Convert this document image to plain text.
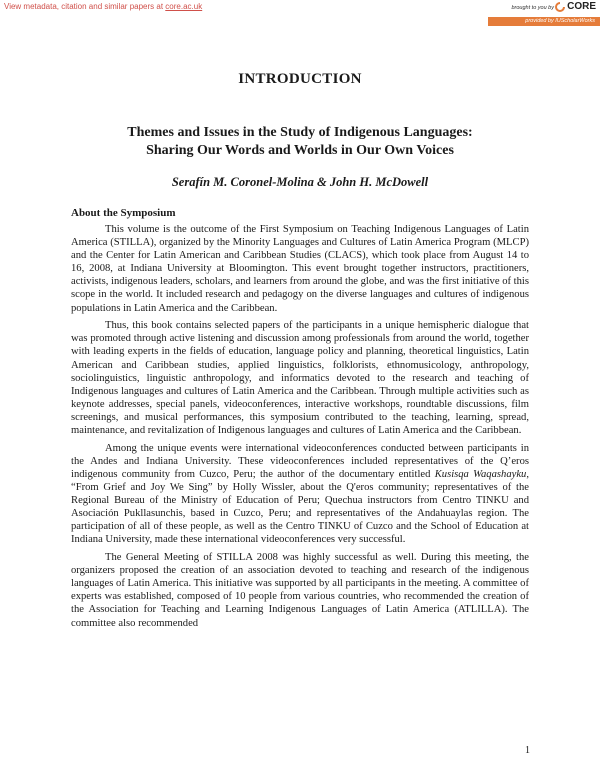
View metadata, citation and similar papers at core.ac.uk	brought to you by CORE
provided by IUScholarWorks
INTRODUCTION
Themes and Issues in the Study of Indigenous Languages:
Sharing Our Words and Worlds in Our Own Voices
Serafín M. Coronel-Molina & John H. McDowell
About the Symposium

This volume is the outcome of the First Symposium on Teaching Indigenous Languages of Latin America (STILLA), organized by the Minority Languages and Cultures of Latin America Program (MLCP) and the Center for Latin American and Caribbean Studies (CLACS), which took place from August 14 to 16, 2008, at Indiana University at Bloomington. This event brought together instructors, practitioners, activists, indigenous leaders, scholars, and learners from around the globe, and was the first initiative of this scope in the world. It included research and pedagogy on the diverse languages and cultures of indigenous populations in Latin America and the Caribbean.

Thus, this book contains selected papers of the participants in a unique hemispheric dialogue that was promoted through active listening and discussion among professionals from around the world, together with leading experts in the fields of education, language policy and planning, theoretical linguistics, Latin American and Caribbean studies, applied linguistics, folklorists, ethnomusicology, anthropology, sociolinguistics, linguistic anthropology, and informatics devoted to the research and teaching of Indigenous languages and cultures of Latin America and the Caribbean. Through multiple activities such as keynote addresses, special panels, videoconferences, interactive workshops, roundtable discussions, film screenings, and musical performances, this symposium contributed to the teaching, learning, spread, maintenance, and revitalization of Indigenous languages and cultures of Latin America and the Caribbean.

Among the unique events were international videoconferences conducted between participants in the Andes and Indiana University. These videoconferences included representatives of the Q’eros indigenous community from Cuzco, Peru; the author of the documentary entitled Kusisqa Waqashayku, “From Grief and Joy We Sing” by Holly Wissler, about the Q'eros community; representatives of the Regional Bureau of the Ministry of Education of Peru; Quechua instructors from Centro TINKU and Asociación Pukllasunchis, based in Cuzco, Peru; and representatives of the Andahuaylas region. The participation of all of these people, as well as the Centro TINKU of Cuzco and the School of Education at Indiana University, made these international videoconferences very successful.

The General Meeting of STILLA 2008 was highly successful as well. During this meeting, the organizers proposed the creation of an association devoted to teaching and research of the indigenous languages of Latin America. This initiative was supported by all participants in the meeting. A committee of experts was established, composed of 10 people from various countries, who recommended the creation of the Association for Teaching and Learning Indigenous Languages of Latin America (ATLILLA). The committee also recommended

1
